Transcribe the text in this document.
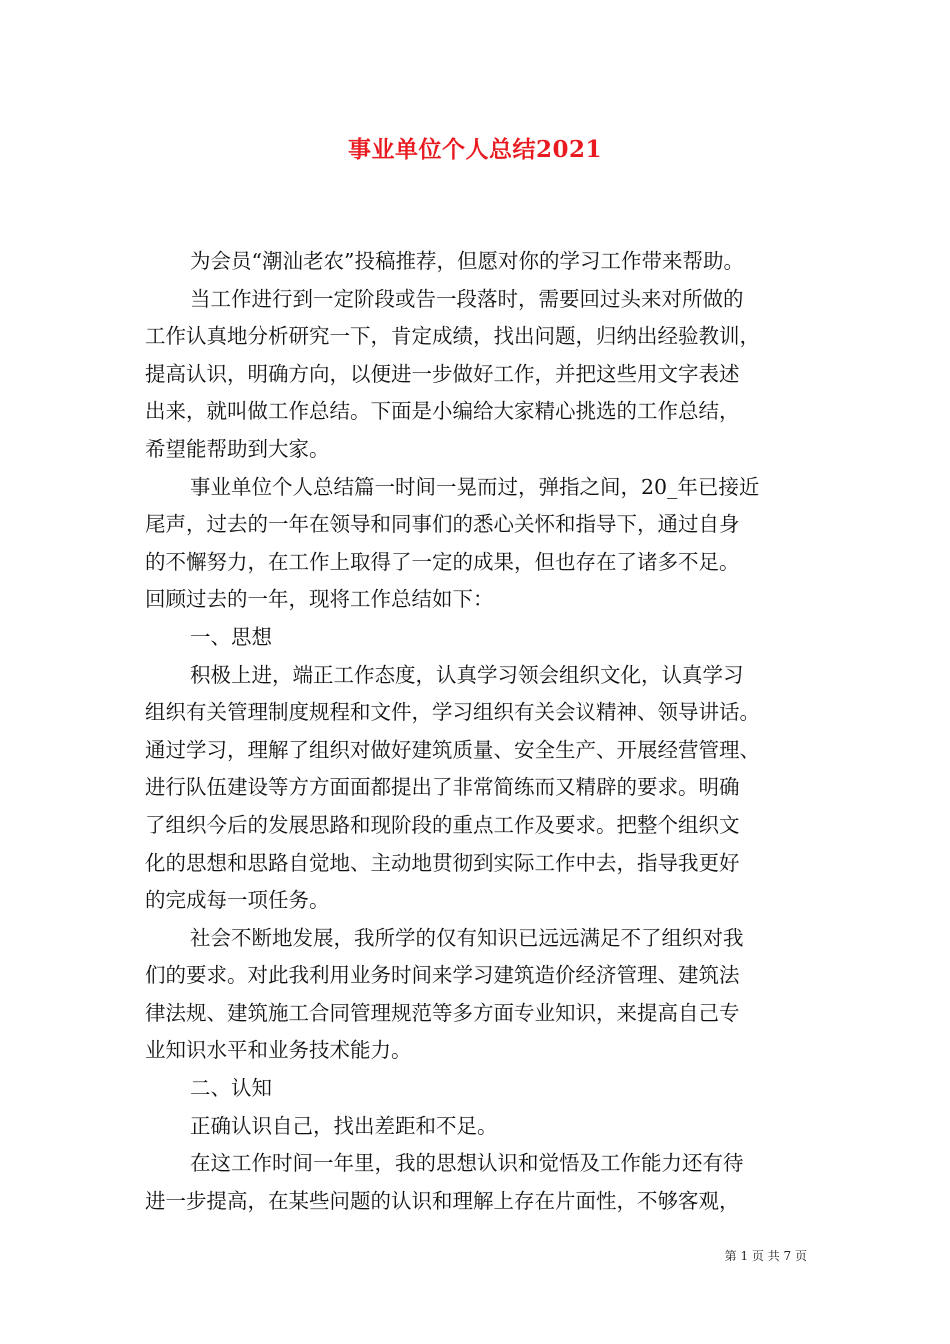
事业单位个人总结2021
为会员“潮汕老农”投稿推荐，但愿对你的学习工作带来帮助。
当工作进行到一定阶段或告一段落时，需要回过头来对所做的
工作认真地分析研究一下，肯定成绩，找出问题，归纳出经验教训，
提高认识，明确方向，以便进一步做好工作，并把这些用文字表述
出来，就叫做工作总结。下面是小编给大家精心挑选的工作总结，
希望能帮助到大家。
事业单位个人总结篇一时间一晃而过，弹指之间，20_年已接近
尾声，过去的一年在领导和同事们的悉心关怀和指导下，通过自身
的不懈努力，在工作上取得了一定的成果，但也存在了诸多不足。
回顾过去的一年，现将工作总结如下：
一、思想
积极上进，端正工作态度，认真学习领会组织文化，认真学习
组织有关管理制度规程和文件，学习组织有关会议精神、领导讲话。
通过学习，理解了组织对做好建筑质量、安全生产、开展经营管理、
进行队伍建设等方方面面都提出了非常简练而又精辟的要求。明确
了组织今后的发展思路和现阶段的重点工作及要求。把整个组织文
化的思想和思路自觉地、主动地贯彻到实际工作中去，指导我更好
的完成每一项任务。
社会不断地发展，我所学的仅有知识已远远满足不了组织对我
们的要求。对此我利用业务时间来学习建筑造价经济管理、建筑法
律法规、建筑施工合同管理规范等多方面专业知识，来提高自己专
业知识水平和业务技术能力。
二、认知
正确认识自己，找出差距和不足。
在这工作时间一年里，我的思想认识和觉悟及工作能力还有待
进一步提高，在某些问题的认识和理解上存在片面性，不够客观，
第 1 页 共 7 页
